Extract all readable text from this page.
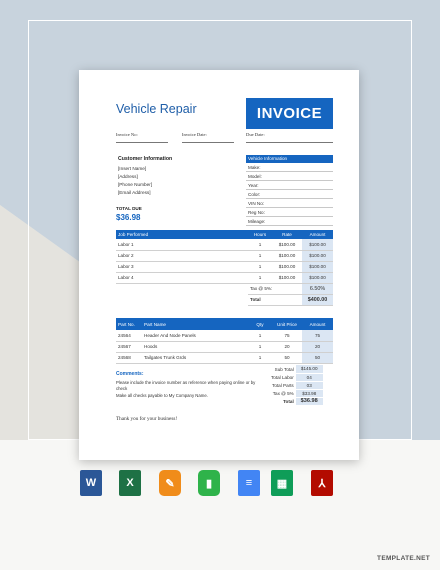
Vehicle Repair	INVOICE
Invoice No:	Invoice Date:	Due Date:
Customer Information
[Insert Name]
[Address]
[Phone Number]
[Email Address]
TOTAL DUE
$36.98
Vehicle Information
Make:
Model:
Year:
Color:
VIN No:
Reg No:
Mileage:
Job Performed	Hours	Rate	Amount
Labor 1	1	$100.00	$100.00
Labor 2	1	$100.00	$100.00
Labor 3	1	$100.00	$100.00
Labor 4	1	$100.00	$100.00
	Tax @ 5%:		6.50%
	Total		$400.00
Part No.	Part Name	Qty	Unit Price	Amount
24564	Header And Node Panels	1	75	75
24567	Hoods	1	20	20
24568	Tailgates Trunk Grds	1	50	50
Sub Total	$145.00
Total Labor	04
Total Parts	03
Tax @ 5%	$33.98
Total	$36.98
Comments:
Please include the invoice number as reference when paying online or by check
Make all checks payable to My Company Name.
Thank you for your business!
W	X	✎	▮	≡ ▦	⅄
TEMPLATE.NET
